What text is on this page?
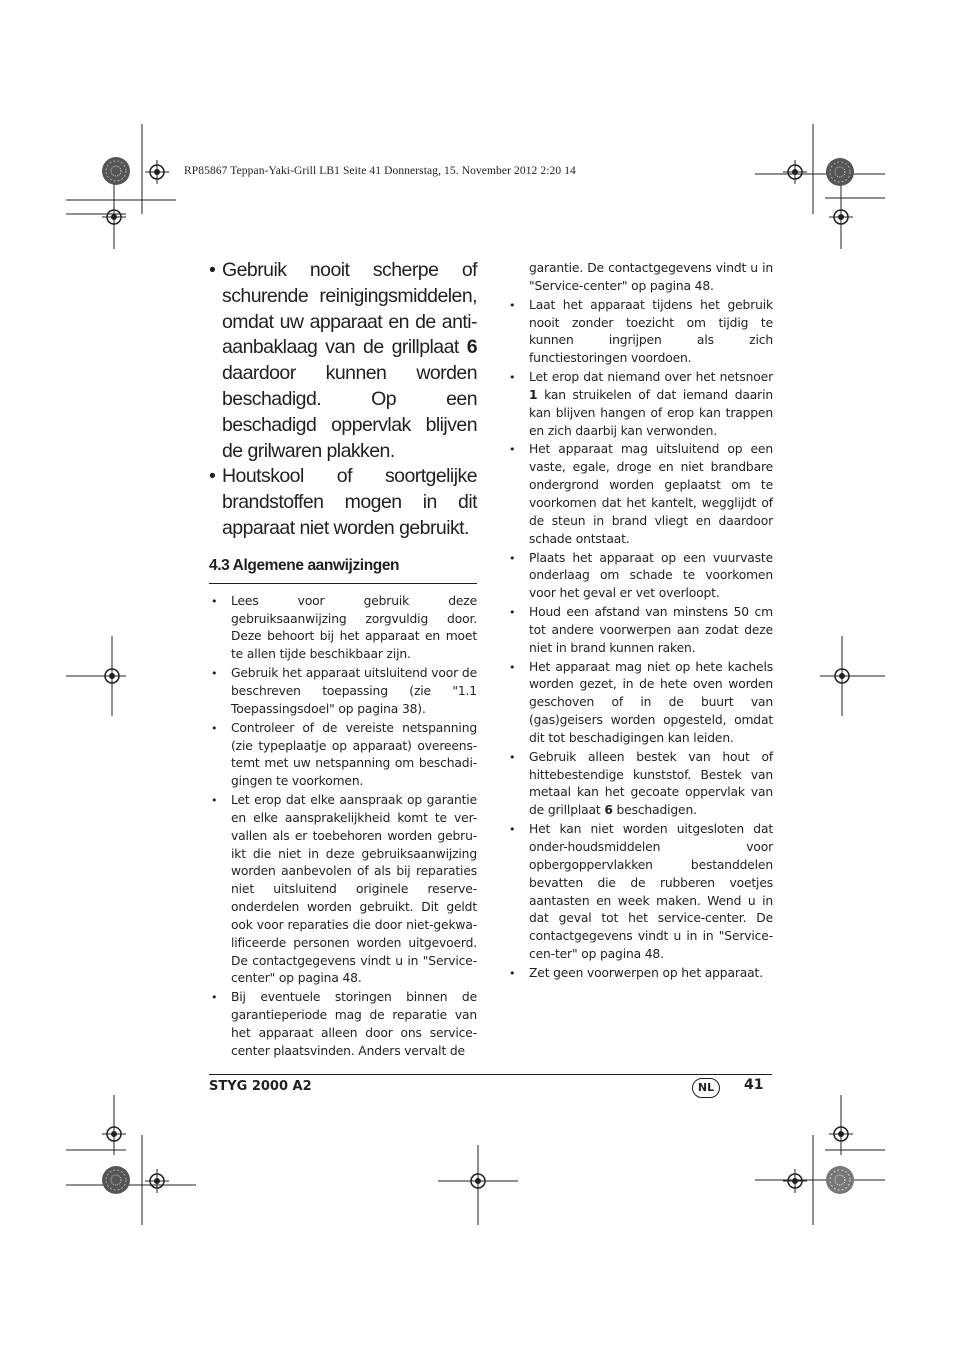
RP85867 Teppan-Yaki-Grill LB1 Seite 41 Donnerstag, 15. November 2012 2:20 14
• Gebruik nooit scherpe of schurende reinigingsmiddelen, omdat uw apparaat en de anti-aanbaklaag van de grillplaat 6 daardoor kunnen worden beschadigd. Op een beschadigd oppervlak blijven de grilwaren plakken.
• Houtskool of soortgelijke brandstoffen mogen in dit apparaat niet worden gebruikt.
4.3 Algemene aanwijzingen
• Lees voor gebruik deze gebruiksaanwijzing zorgvuldig door. Deze behoort bij het apparaat en moet te allen tijde beschikbaar zijn.
• Gebruik het apparaat uitsluitend voor de beschreven toepassing (zie "1.1 Toepassingsdoel" op pagina 38).
• Controleer of de vereiste netspanning (zie typeplaatje op apparaat) overeens-temt met uw netspanning om beschadi-gingen te voorkomen.
• Let erop dat elke aanspraak op garantie en elke aansprakelijkheid komt te ver-vallen als er toebehoren worden gebru-ikt die niet in deze gebruiksaanwijzing worden aanbevolen of als bij reparaties niet uitsluitend originele reserve-onderdelen worden gebruikt. Dit geldt ook voor reparaties die door niet-gekwa-lificeerde personen worden uitgevoerd. De contactgegevens vindt u in "Service-center" op pagina 48.
• Bij eventuele storingen binnen de garantieperiode mag de reparatie van het apparaat alleen door ons service-center plaatsvinden. Anders vervalt de
garantie. De contactgegevens vindt u in "Service-center" op pagina 48.
• Laat het apparaat tijdens het gebruik nooit zonder toezicht om tijdig te kunnen ingrijpen als zich functiestoringen voordoen.
• Let erop dat niemand over het netsnoer 1 kan struikelen of dat iemand daarin kan blijven hangen of erop kan trappen en zich daarbij kan verwonden.
• Het apparaat mag uitsluitend op een vaste, egale, droge en niet brandbare ondergrond worden geplaatst om te voorkomen dat het kantelt, wegglijdt of de steun in brand vliegt en daardoor schade ontstaat.
• Plaats het apparaat op een vuurvaste onderlaag om schade te voorkomen voor het geval er vet overloopt.
• Houd een afstand van minstens 50 cm tot andere voorwerpen aan zodat deze niet in brand kunnen raken.
• Het apparaat mag niet op hete kachels worden gezet, in de hete oven worden geschoven of in de buurt van (gas)geisers worden opgesteld, omdat dit tot beschadigingen kan leiden.
• Gebruik alleen bestek van hout of hittebestendige kunststof. Bestek van metaal kan het gecoate oppervlak van de grillplaat 6 beschadigen.
• Het kan niet worden uitgesloten dat onder-houdsmiddelen voor opbergoppervlakken bestanddelen bevatten die de rubberen voetjes aantasten en week maken. Wend u in dat geval tot het service-center. De contactgegevens vindt u in in "Service-cen-ter" op pagina 48.
• Zet geen voorwerpen op het apparaat.
STYG 2000 A2	NL	41
